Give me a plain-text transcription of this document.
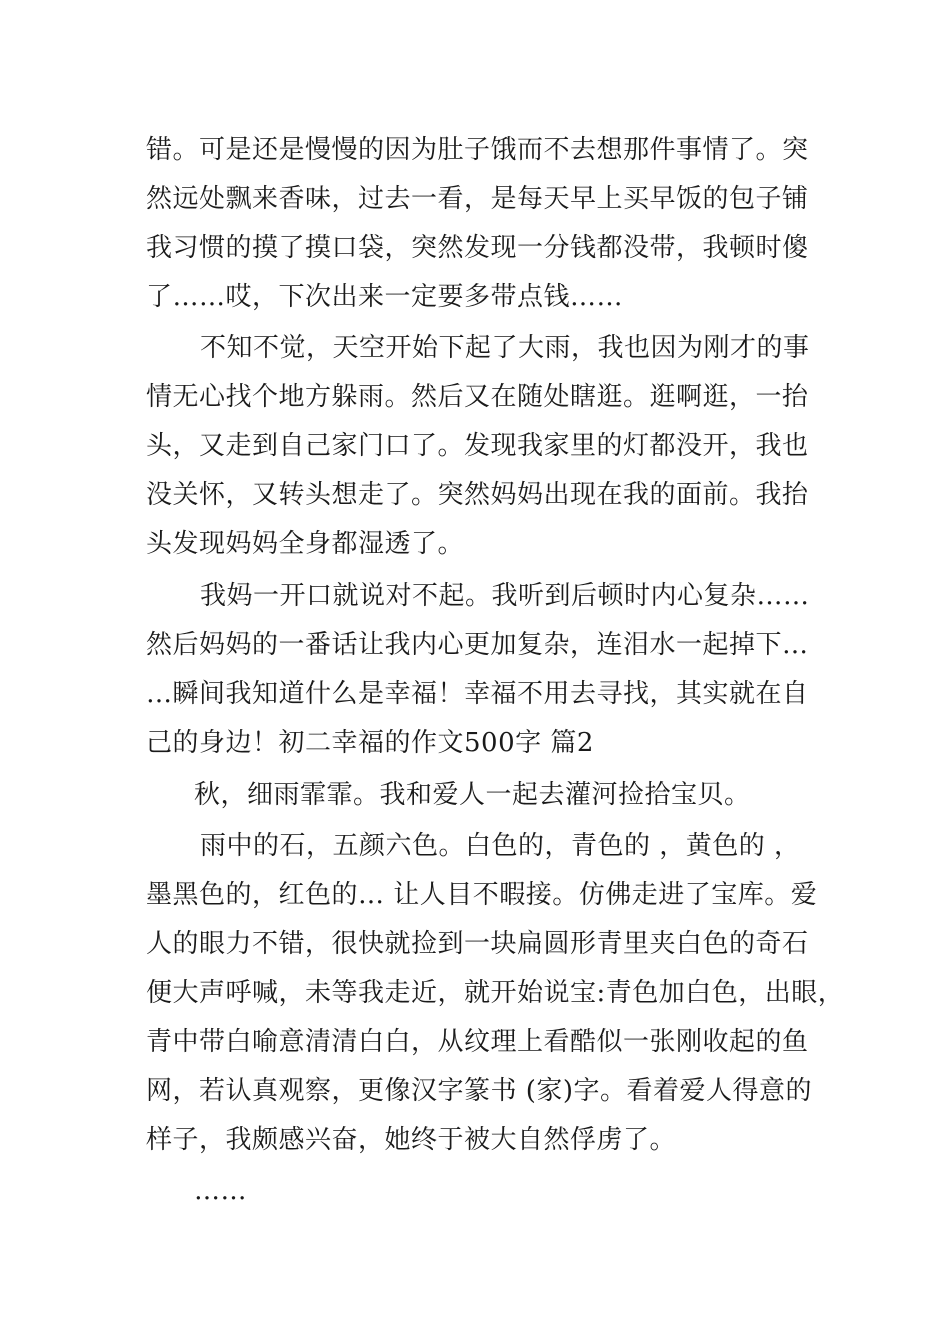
错。可是还是慢慢的因为肚子饿而不去想那件事情了。突
然远处飘来香味，过去一看，是每天早上买早饭的包子铺
我习惯的摸了摸口袋，突然发现一分钱都没带，我顿时傻
了……哎，下次出来一定要多带点钱……
不知不觉，天空开始下起了大雨，我也因为刚才的事
情无心找个地方躲雨。然后又在随处瞎逛。逛啊逛，一抬
头，又走到自己家门口了。发现我家里的灯都没开，我也
没关怀，又转头想走了。突然妈妈出现在我的面前。我抬
头发现妈妈全身都湿透了。
我妈一开口就说对不起。我听到后顿时内心复杂……
然后妈妈的一番话让我内心更加复杂，连泪水一起掉下…
…瞬间我知道什么是幸福！幸福不用去寻找，其实就在自
己的身边！初二幸福的作文500字 篇2
秋，细雨霏霏。我和爱人一起去灌河捡拾宝贝。
雨中的石，五颜六色。白色的，青色的 ，黄色的 ，
墨黑色的，红色的… 让人目不暇接。仿佛走进了宝库。爱
人的眼力不错，很快就捡到一块扁圆形青里夹白色的奇石
便大声呼喊，未等我走近，就开始说宝:青色加白色，出眼，
青中带白喻意清清白白，从纹理上看酷似一张刚收起的鱼
网，若认真观察，更像汉字篆书 (家)字。看着爱人得意的
样子，我颇感兴奋，她终于被大自然俘虏了。
……
